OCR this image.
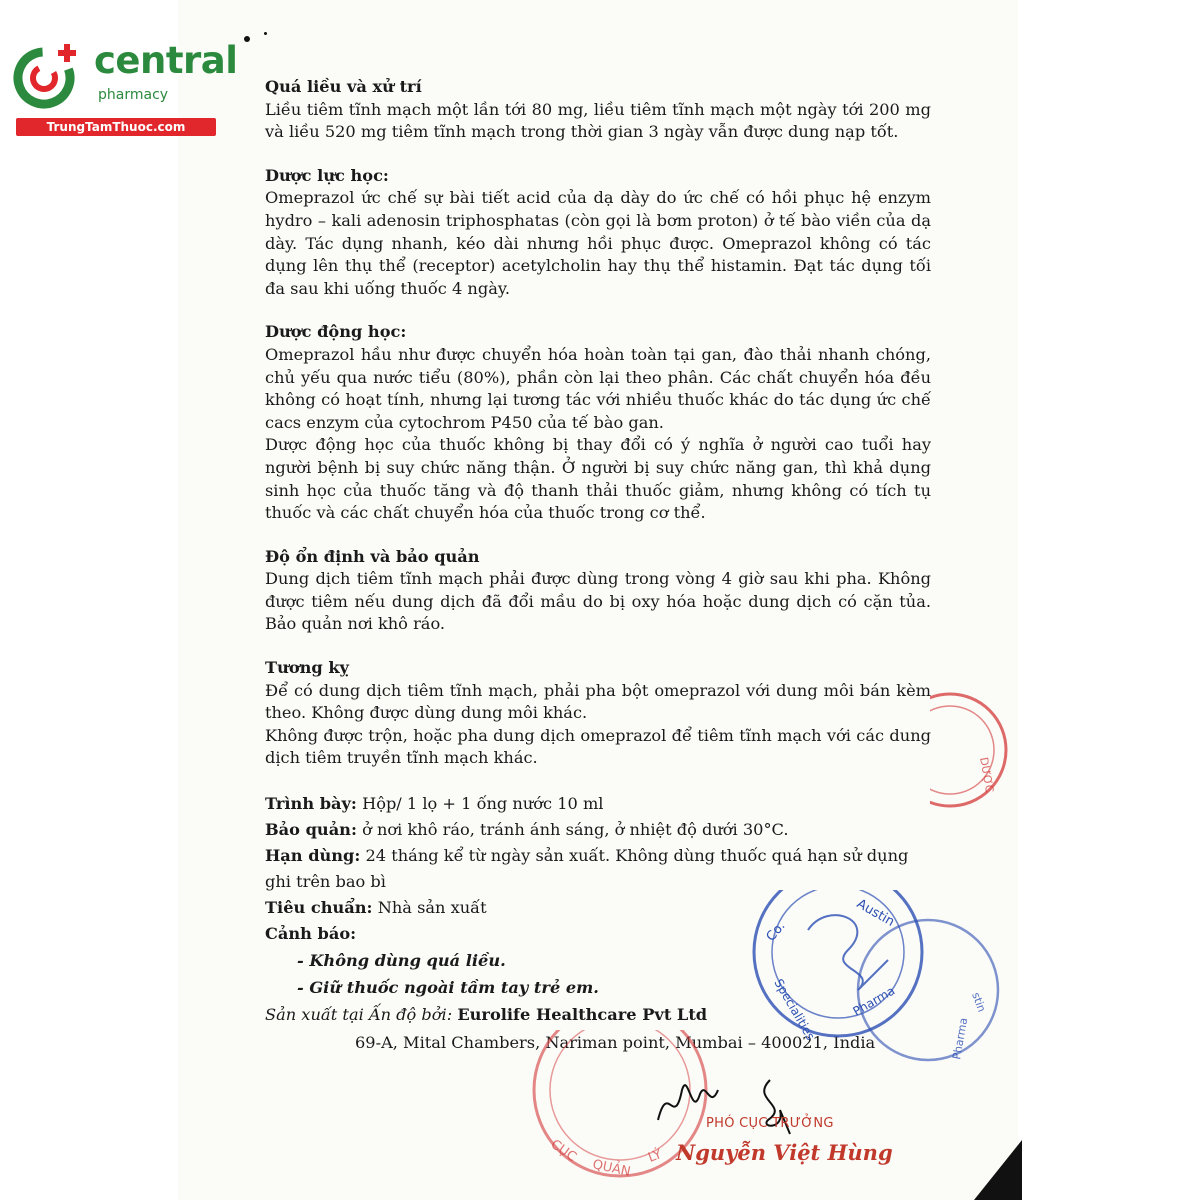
central
pharmacy
TrungTamThuoc.com
Quá liều và xử trí
Liều tiêm tĩnh mạch một lần tới 80 mg, liều tiêm tĩnh mạch một ngày tới 200 mg và liều 520 mg tiêm tĩnh mạch trong thời gian 3 ngày vẫn được dung nạp tốt.
Dược lực học:
Omeprazol ức chế sự bài tiết acid của dạ dày do ức chế có hồi phục hệ enzym hydro – kali adenosin triphosphatas (còn gọi là bơm proton) ở tế bào viền của dạ dày. Tác dụng nhanh, kéo dài nhưng hồi phục được. Omeprazol không có tác dụng lên thụ thể (receptor) acetylcholin hay thụ thể histamin. Đạt tác dụng tối đa sau khi uống thuốc 4 ngày.
Dược động học:
Omeprazol hầu như được chuyển hóa hoàn toàn tại gan, đào thải nhanh chóng, chủ yếu qua nước tiểu (80%), phần còn lại theo phân. Các chất chuyển hóa đều không có hoạt tính, nhưng lại tương tác với nhiều thuốc khác do tác dụng ức chế cacs enzym của cytochrom P450 của tế bào gan.
Dược động học của thuốc không bị thay đổi có ý nghĩa ở người cao tuổi hay người bệnh bị suy chức năng thận. Ở người bị suy chức năng gan, thì khả dụng sinh học của thuốc tăng và độ thanh thải thuốc giảm, nhưng không có tích tụ thuốc và các chất chuyển hóa của thuốc trong cơ thể.
Độ ổn định và bảo quản
Dung dịch tiêm tĩnh mạch phải được dùng trong vòng 4 giờ sau khi pha. Không được tiêm nếu dung dịch đã đổi mầu do bị oxy hóa hoặc dung dịch có cặn tủa. Bảo quản nơi khô ráo.
Tương kỵ
Để có dung dịch tiêm tĩnh mạch, phải pha bột omeprazol với dung môi bán kèm theo. Không được dùng dung môi khác.
Không được trộn, hoặc pha dung dịch omeprazol để tiêm tĩnh mạch với các dung dịch tiêm truyền tĩnh mạch khác.
Trình bày: Hộp/ 1 lọ + 1 ống nước 10 ml
Bảo quản: ở nơi khô ráo, tránh ánh sáng, ở nhiệt độ dưới 30°C.
Hạn dùng: 24 tháng kể từ ngày sản xuất. Không dùng thuốc quá hạn sử dụng ghi trên bao bì
Tiêu chuẩn: Nhà sản xuất
Cảnh báo:
- Không dùng quá liều.
- Giữ thuốc ngoài tầm tay trẻ em.
Sản xuất tại Ấn độ bởi: Eurolife Healthcare Pvt Ltd
69-A, Mital Chambers, Nariman point, Mumbai – 400021, India
DƯỢC
CỤC
QUẢN
LÝ
Co.
Austin
Specialities	Pharma	stin
Pharma
PHÓ CỤC TRƯỞNG
Nguyễn Việt Hùng
